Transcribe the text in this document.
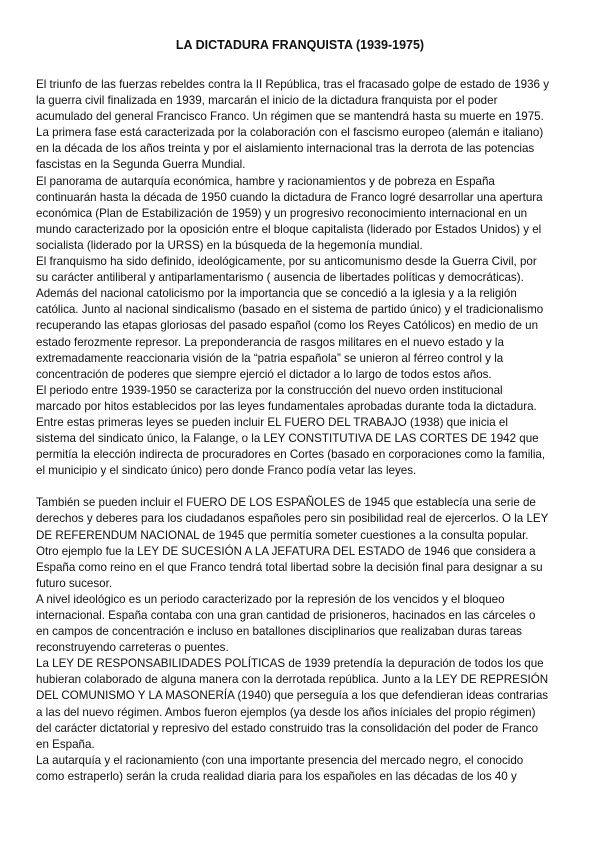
LA DICTADURA FRANQUISTA (1939-1975)

El triunfo de las fuerzas rebeldes contra la II República, tras el fracasado golpe de estado de 1936 y la guerra civil finalizada en 1939, marcarán el inicio de la dictadura franquista por el poder acumulado del general Francisco Franco. Un régimen que se mantendrá hasta su muerte en 1975.

La primera fase está caracterizada por la colaboración con el fascismo europeo (alemán e italiano) en la década de los años treinta y por el aislamiento internacional tras la derrota de las potencias fascistas en la Segunda Guerra Mundial.

El panorama de autarquía económica, hambre y racionamientos y de pobreza en España continuarán hasta la década de 1950 cuando la dictadura de Franco logré desarrollar una apertura económica (Plan de Estabilización de 1959) y un progresivo reconocimiento internacional en un mundo caracterizado por la oposición entre el bloque capitalista (liderado por Estados Unidos) y el socialista (liderado por la URSS) en la búsqueda de la hegemonía mundial.

El franquismo ha sido definido, ideológicamente, por su anticomunismo desde la Guerra Civil, por su carácter antiliberal y antiparlamentarismo ( ausencia de libertades políticas y democráticas). Además del nacional catolicismo por la importancia que se concedió a la iglesia y a la religión católica. Junto al nacional sindicalismo (basado en el sistema de partido único) y el tradicionalismo recuperando las etapas gloriosas del pasado español (como los Reyes Católicos) en medio de un estado ferozmente represor. La preponderancia de rasgos militares en el nuevo estado y la extremadamente reaccionaria visión de la “patria española” se unieron al férreo control y la concentración de poderes que siempre ejerció el dictador a lo largo de todos estos años.

El periodo entre 1939-1950 se caracteriza por la construcción del nuevo orden institucional marcado por hitos establecidos por las leyes fundamentales aprobadas durante toda la dictadura. Entre estas primeras leyes se pueden incluir EL FUERO DEL TRABAJO (1938) que inicia el sistema del sindicato único, la Falange, o la LEY CONSTITUTIVA DE LAS CORTES DE 1942 que permitía la elección indirecta de procuradores en Cortes (basado en corporaciones como la familia, el municipio y el sindicato único) pero donde Franco podía vetar las leyes.

También se pueden incluir el FUERO DE LOS ESPAÑOLES de 1945 que establecía una serie de derechos y deberes para los ciudadanos españoles pero sin posibilidad real de ejercerlos. O la LEY DE REFERENDUM NACIONAL de 1945 que permitía someter cuestiones a la consulta popular.

Otro ejemplo fue la LEY DE SUCESIÓN A LA JEFATURA DEL ESTADO de 1946 que considera a España como reino en el que Franco tendrá total libertad sobre la decisión final para designar a su futuro sucesor.

A nivel ideológico es un periodo caracterizado por la represión de los vencidos y el bloqueo internacional. España contaba con una gran cantidad de prisioneros, hacinados en las cárceles o en campos de concentración e incluso en batallones disciplinarios que realizaban duras tareas reconstruyendo carreteras o puentes.

La LEY DE RESPONSABILIDADES POLÍTICAS de 1939 pretendía la depuración de todos los que hubieran colaborado de alguna manera con la derrotada república. Junto a la LEY DE REPRESIÓN DEL COMUNISMO Y LA MASONERÍA (1940) que perseguía a los que defendieran ideas contrarias a las del nuevo régimen. Ambos fueron ejemplos (ya desde los años iníciales del propio régimen) del carácter dictatorial y represivo del estado construido tras la consolidación del poder de Franco en España.

La autarquía y el racionamiento (con una importante presencia del mercado negro, el conocido como estraperlo) serán la cruda realidad diaria para los españoles en las décadas de los 40 y
